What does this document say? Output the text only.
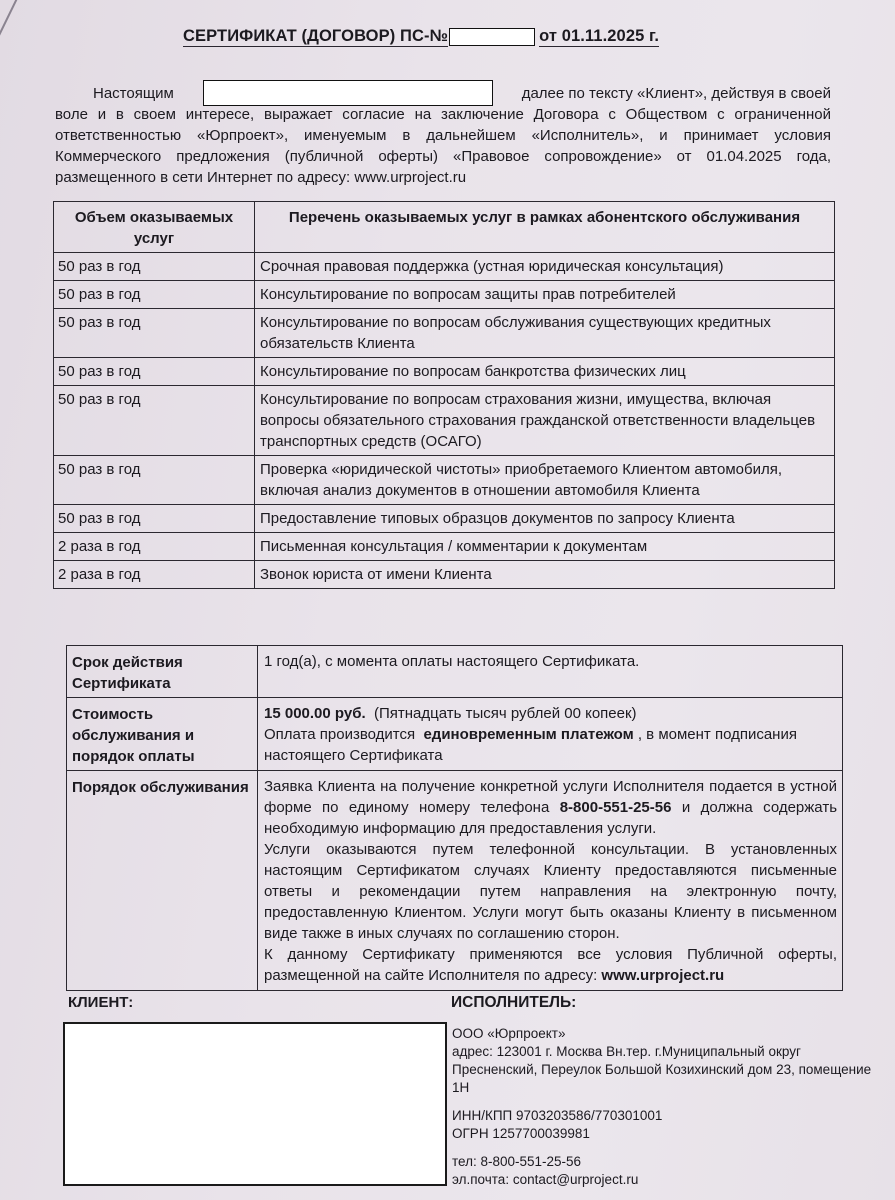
СЕРТИФИКАТ (ДОГОВОР) ПС-№	от 01.11.2025 г.
Настоящим	далее по тексту «Клиент», действуя в своей

воле и в своем интересе, выражает согласие на заключение Договора с Обществом с ограниченной ответственностью «Юрпроект», именуемым в дальнейшем «Исполнитель», и принимает условия Коммерческого предложения (публичной оферты) «Правовое сопровождение» от 01.04.2025 года, размещенного в сети Интернет по адресу: www.urproject.ru

Объем оказываемых услуг	Перечень оказываемых услуг в рамках абонентского обслуживания
50 раз в год	Срочная правовая поддержка (устная юридическая консультация)
50 раз в год	Консультирование по вопросам защиты прав потребителей
50 раз в год	Консультирование по вопросам обслуживания существующих кредитных обязательств Клиента
50 раз в год	Консультирование по вопросам банкротства физических лиц
50 раз в год	Консультирование по вопросам страхования жизни, имущества, включая вопросы обязательного страхования гражданской ответственности владельцев транспортных средств (ОСАГО)
50 раз в год	Проверка «юридической чистоты» приобретаемого Клиентом автомобиля, включая анализ документов в отношении автомобиля Клиента
50 раз в год	Предоставление типовых образцов документов по запросу Клиента
2 раза в год	Письменная консультация / комментарии к документам
2 раза в год	Звонок юриста от имени Клиента
Срок действия Сертификата	1 год(а), с момента оплаты настоящего Сертификата.
Стоимость обслуживания и порядок оплаты	15 000.00 руб. (Пятнадцать тысяч рублей 00 копеек)

Оплата производится единовременным платежом , в момент подписания настоящего Сертификата

Порядок обслуживания	Заявка Клиента на получение конкретной услуги Исполнителя подается в устной форме по единому номеру телефона 8-800-551-25-56 и должна содержать необходимую информацию для предоставления услуги.

Услуги оказываются путем телефонной консультации. В установленных настоящим Сертификатом случаях Клиенту предоставляются письменные ответы и рекомендации путем направления на электронную почту, предоставленную Клиентом. Услуги могут быть оказаны Клиенту в письменном виде также в иных случаях по соглашению сторон.

К данному Сертификату применяются все условия Публичной оферты, размещенной на сайте Исполнителя по адресу: www.urproject.ru

КЛИЕНТ:	ИСПОЛНИТЕЛЬ:

ООО «Юрпроект»

адрес: 123001 г. Москва Вн.тер. г.Муниципальный округ Пресненский, Переулок Большой Козихинский дом 23, помещение 1Н

ИНН/КПП 9703203586/770301001

ОГРН 1257700039981

тел: 8-800-551-25-56

эл.почта: contact@urproject.ru
